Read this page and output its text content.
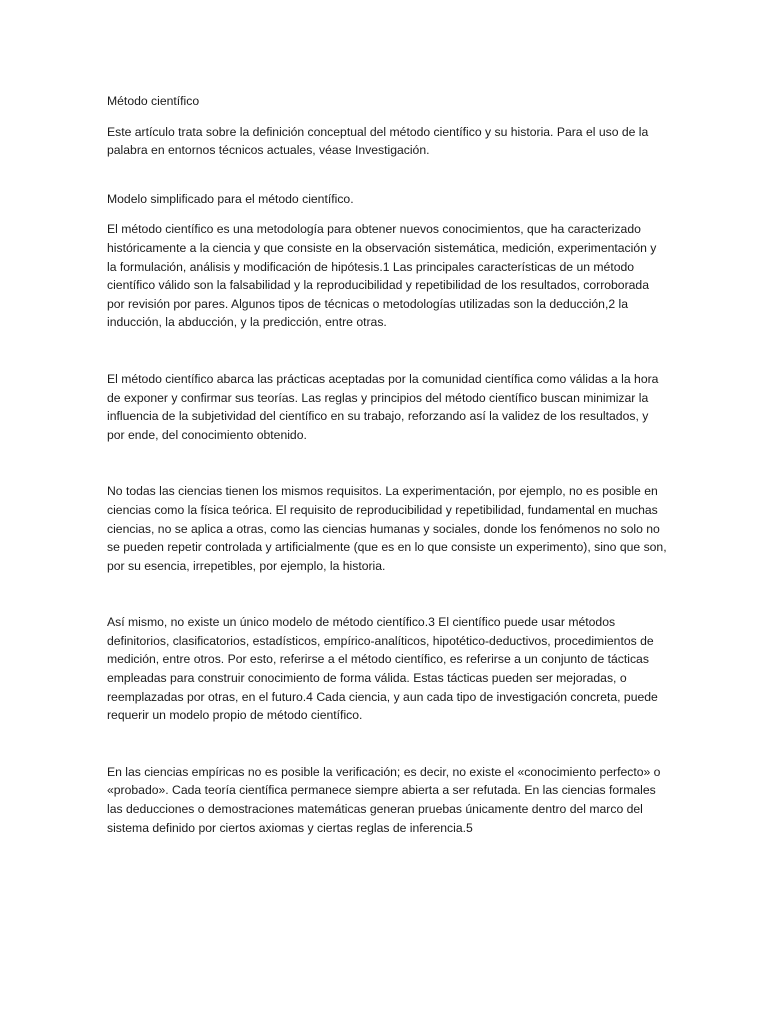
Método científico

Este artículo trata sobre la definición conceptual del método científico y su historia. Para el uso de la palabra en entornos técnicos actuales, véase Investigación.

Modelo simplificado para el método científico.

El método científico es una metodología para obtener nuevos conocimientos, que ha caracterizado históricamente a la ciencia y que consiste en la observación sistemática, medición, experimentación y la formulación, análisis y modificación de hipótesis.1 Las principales características de un método científico válido son la falsabilidad y la reproducibilidad y repetibilidad de los resultados, corroborada por revisión por pares. Algunos tipos de técnicas o metodologías utilizadas son la deducción,2 la inducción, la abducción, y la predicción, entre otras.

El método científico abarca las prácticas aceptadas por la comunidad científica como válidas a la hora de exponer y confirmar sus teorías. Las reglas y principios del método científico buscan minimizar la influencia de la subjetividad del científico en su trabajo, reforzando así la validez de los resultados, y por ende, del conocimiento obtenido.

No todas las ciencias tienen los mismos requisitos. La experimentación, por ejemplo, no es posible en ciencias como la física teórica. El requisito de reproducibilidad y repetibilidad, fundamental en muchas ciencias, no se aplica a otras, como las ciencias humanas y sociales, donde los fenómenos no solo no se pueden repetir controlada y artificialmente (que es en lo que consiste un experimento), sino que son, por su esencia, irrepetibles, por ejemplo, la historia.

Así mismo, no existe un único modelo de método científico.3 El científico puede usar métodos definitorios, clasificatorios, estadísticos, empírico-analíticos, hipotético-deductivos, procedimientos de medición, entre otros. Por esto, referirse a el método científico, es referirse a un conjunto de tácticas empleadas para construir conocimiento de forma válida. Estas tácticas pueden ser mejoradas, o reemplazadas por otras, en el futuro.4 Cada ciencia, y aun cada tipo de investigación concreta, puede requerir un modelo propio de método científico.

En las ciencias empíricas no es posible la verificación; es decir, no existe el «conocimiento perfecto» o «probado». Cada teoría científica permanece siempre abierta a ser refutada. En las ciencias formales las deducciones o demostraciones matemáticas generan pruebas únicamente dentro del marco del sistema definido por ciertos axiomas y ciertas reglas de inferencia.5
